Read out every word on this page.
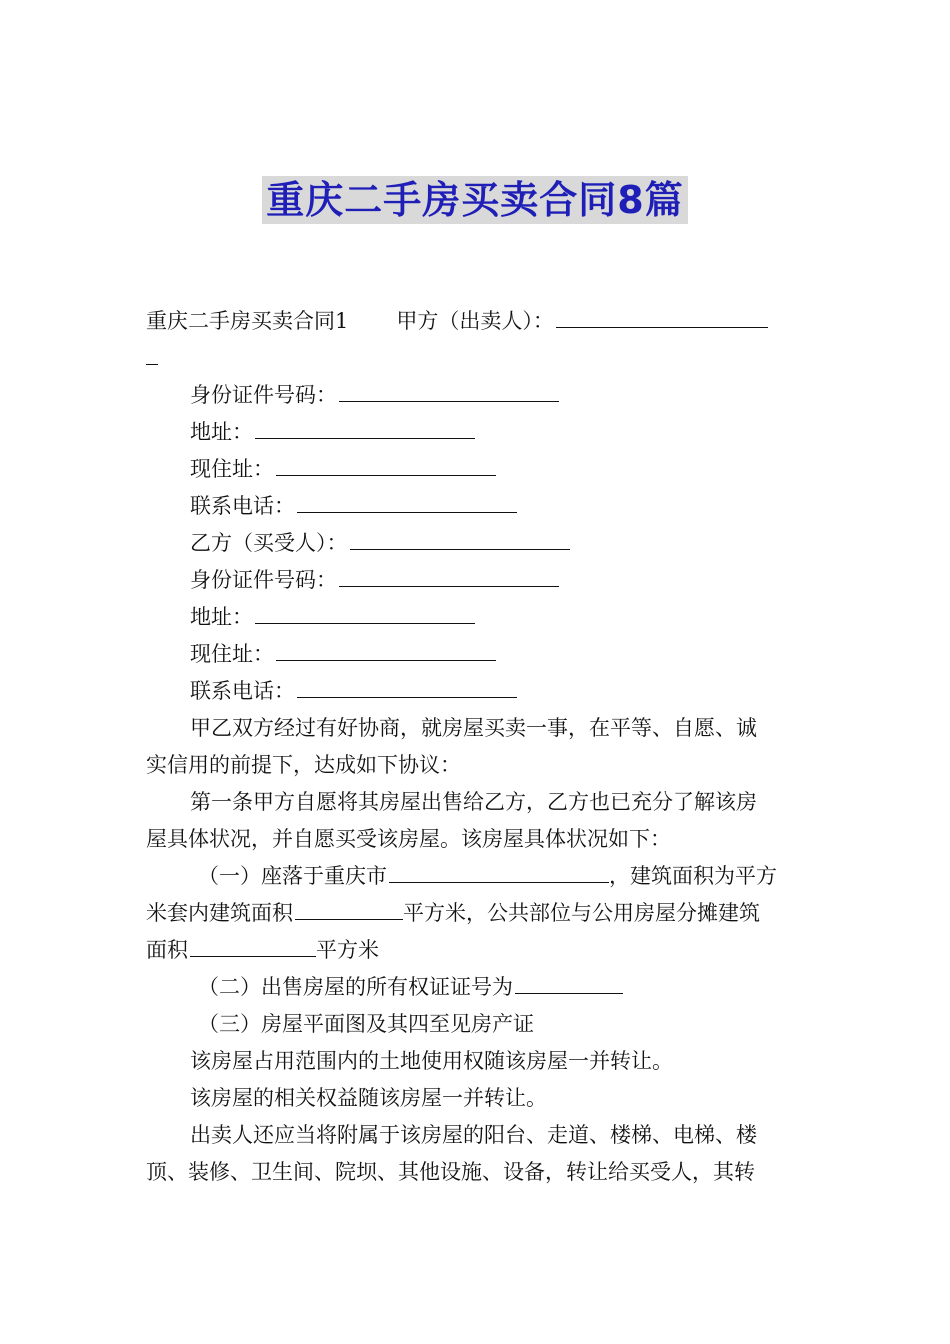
重庆二手房买卖合同8篇
重庆二手房买卖合同1 甲方（出卖人）：
身份证件号码：
地址：
现住址：
联系电话：
乙方（买受人）：
身份证件号码：
地址：
现住址：
联系电话：
甲乙双方经过有好协商，就房屋买卖一事，在平等、自愿、诚
实信用的前提下，达成如下协议：
第一条甲方自愿将其房屋出售给乙方，乙方也已充分了解该房
屋具体状况，并自愿买受该房屋。该房屋具体状况如下：
（一）座落于重庆市	，建筑面积为平方
米套内建筑面积	平方米，公共部位与公用房屋分摊建筑
面积	平方米
（二）出售房屋的所有权证证号为
（三）房屋平面图及其四至见房产证
该房屋占用范围内的土地使用权随该房屋一并转让。
该房屋的相关权益随该房屋一并转让。
出卖人还应当将附属于该房屋的阳台、走道、楼梯、电梯、楼
顶、装修、卫生间、院坝、其他设施、设备，转让给买受人，其转
